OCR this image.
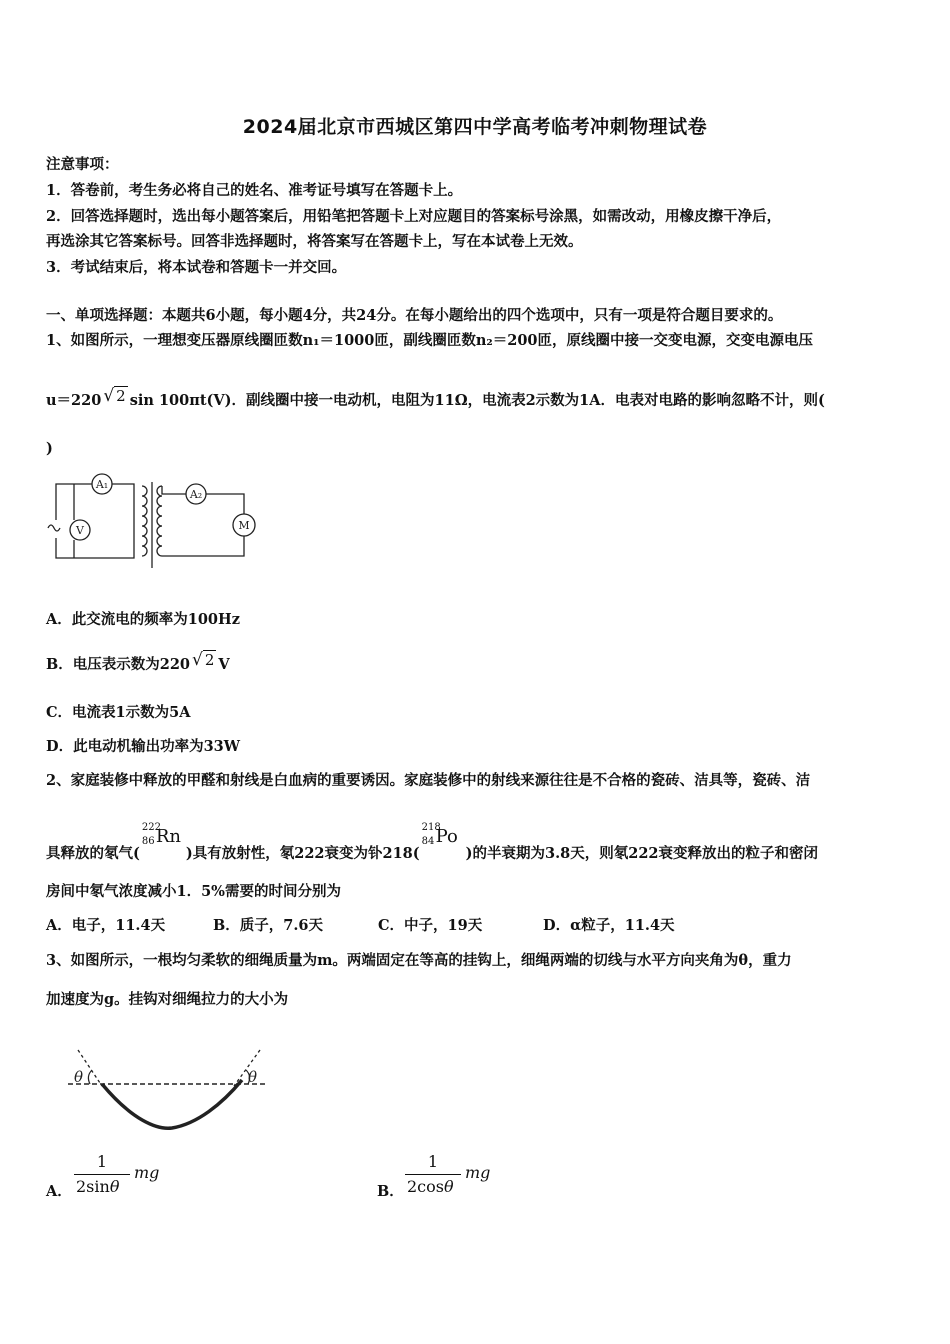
2024届北京市西城区第四中学高考临考冲刺物理试卷
注意事项：
1．答卷前，考生务必将自己的姓名、准考证号填写在答题卡上。
2．回答选择题时，选出每小题答案后，用铅笔把答题卡上对应题目的答案标号涂黑，如需改动，用橡皮擦干净后，
再选涂其它答案标号。回答非选择题时，将答案写在答题卡上，写在本试卷上无效。
3．考试结束后，将本试卷和答题卡一并交回。
一、单项选择题：本题共6小题，每小题4分，共24分。在每小题给出的四个选项中，只有一项是符合题目要求的。
1、如图所示，一理想变压器原线圈匝数n₁＝1000匝，副线圈匝数n₂＝200匝，原线圈中接一交变电源，交变电源电压
u＝220 √ 2 sin 100πt(V)．副线圈中接一电动机，电阻为11Ω，电流表2示数为1A．电表对电路的影响忽略不计，则(
)
A₁
V
A₂
M
A．此交流电的频率为100Hz
B．电压表示数为220 √ 2 V
C．电流表1示数为5A
D．此电动机输出功率为33W
2、家庭装修中释放的甲醛和射线是白血病的重要诱因。家庭装修中的射线来源往往是不合格的瓷砖、洁具等，瓷砖、洁
具释放的氡气(
222
86 Rn
)具有放射性，氡222衰变为钋218(
218
84 Po
)的半衰期为3.8天，则氡222衰变释放出的粒子和密闭
房间中氡气浓度减小1．5%需要的时间分别为
A．电子，11.4天	B．质子，7.6天	C．中子，19天	D．α粒子，11.4天
3、如图所示，一根均匀柔软的细绳质量为m。两端固定在等高的挂钩上，细绳两端的切线与水平方向夹角为θ，重力
加速度为g。挂钩对细绳拉力的大小为
θ	θ
A．
1
2sinθ
mg
B．
1
2cosθ
mg
